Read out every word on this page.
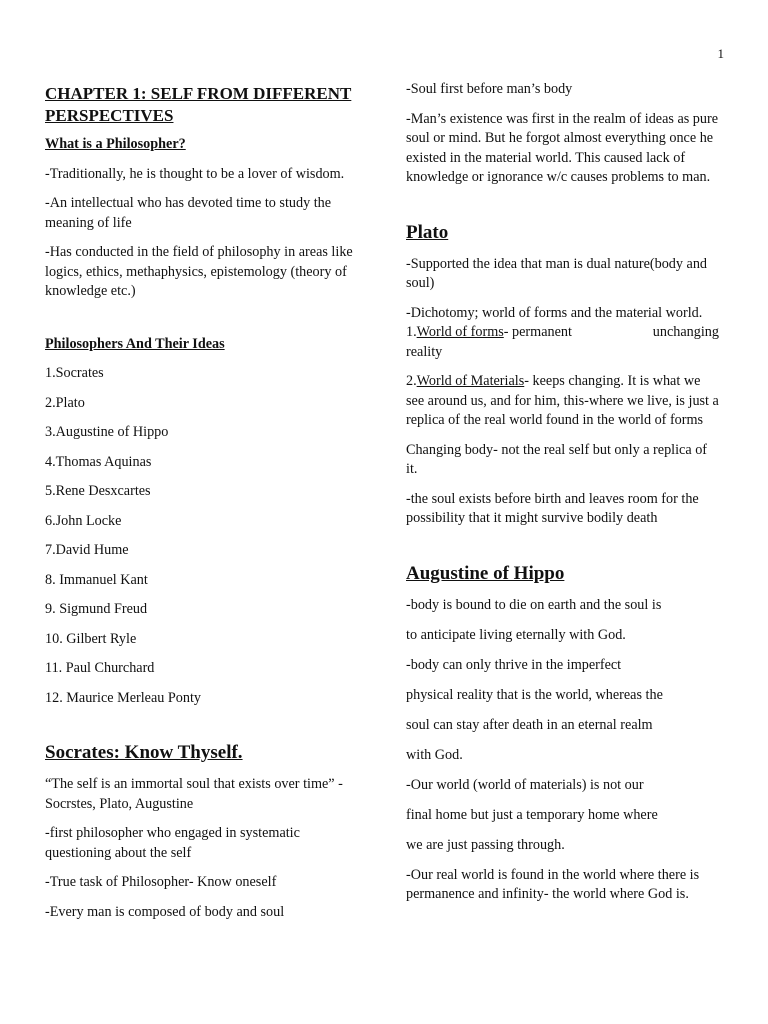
1
CHAPTER 1: SELF FROM DIFFERENT PERSPECTIVES
What is a Philosopher?

-Traditionally, he is thought to be a lover of wisdom.

-An intellectual who has devoted time to study the meaning of life

-Has conducted in the field of philosophy in areas like logics, ethics, methaphysics, epistemology (theory of knowledge etc.)

Philosophers And Their Ideas
1.Socrates
2.Plato
3.Augustine of Hippo
4.Thomas Aquinas
5.Rene Desxcartes
6.John Locke
7.David Hume
8. Immanuel Kant
9. Sigmund Freud
10. Gilbert Ryle
11. Paul Churchard
12. Maurice Merleau Ponty
Socrates: Know Thyself.

“The self is an immortal soul that exists over time” - Socrstes, Plato, Augustine

-first philosopher who engaged in systematic questioning about the self

-True task of Philosopher- Know oneself

-Every man is composed of body and soul

-Soul first before man’s body

-Man’s existence was first in the realm of ideas as pure soul or mind. But he forgot almost everything once he existed in the material world. This caused lack of knowledge or ignorance w/c causes problems to man.

Plato

-Supported the idea that man is dual nature(body and soul)

-Dichotomy; world of forms and the material world.
1.World of forms- permanent	unchanging

reality

2.World of Materials- keeps changing. It is what we see around us, and for him, this-where we live, is just a replica of the real world found in the world of forms

Changing body- not the real self but only a replica of it.

-the soul exists before birth and leaves room for the possibility that it might survive bodily death

Augustine of Hippo
-body is bound to die on earth and the soul is
to anticipate living eternally with God.
-body can only thrive in the imperfect
physical reality that is the world, whereas the
soul can stay after death in an eternal realm
with God.
-Our world (world of materials) is not our
final home but just a temporary home where
we are just passing through.

-Our real world is found in the world where there is permanence and infinity- the world where God is.
